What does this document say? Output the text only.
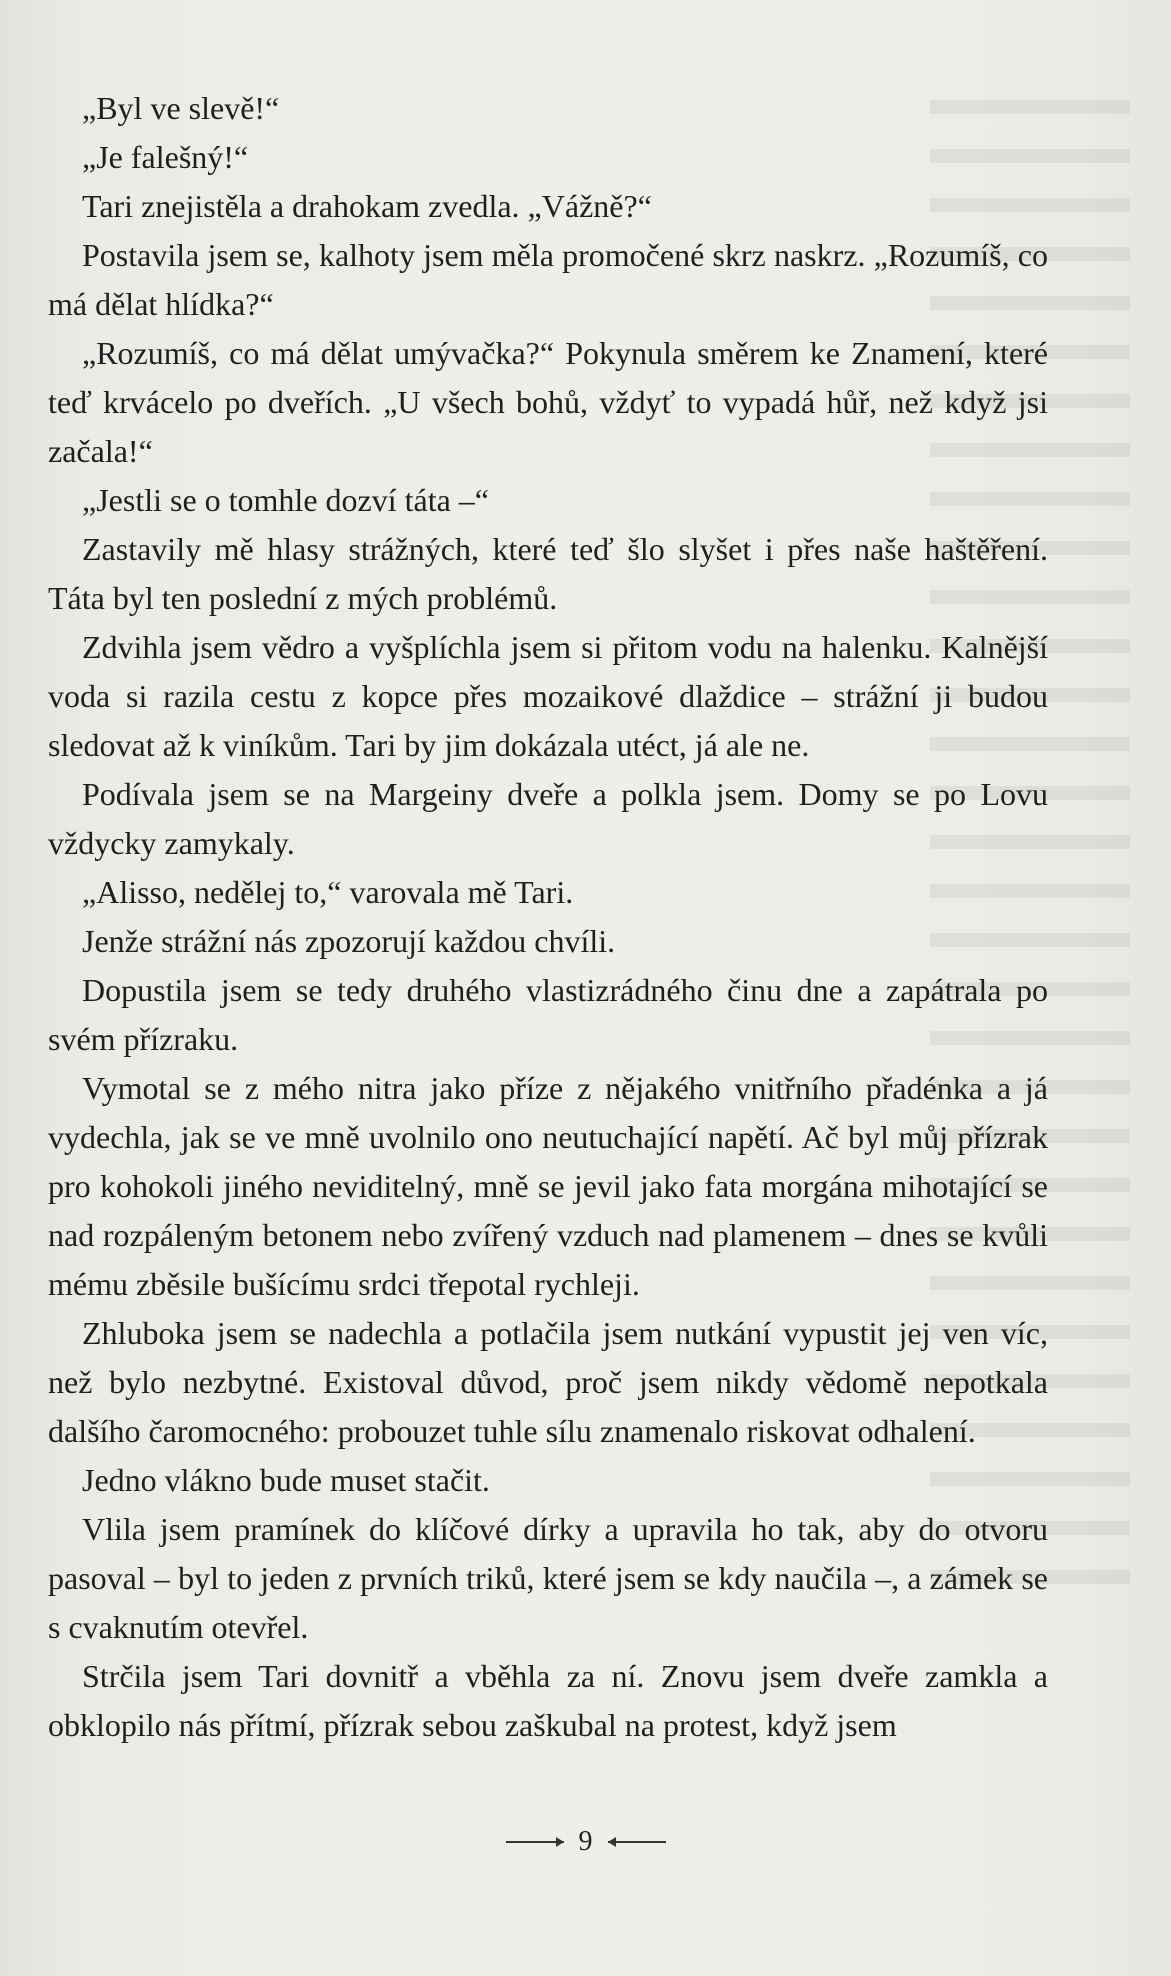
„Byl ve slevě!“

„Je falešný!“

Tari znejistěla a drahokam zvedla. „Vážně?“

Postavila jsem se, kalhoty jsem měla promočené skrz naskrz. „Rozumíš, co má dělat hlídka?“

„Rozumíš, co má dělat umývačka?“ Pokynula směrem ke Znamení, které teď krvácelo po dveřích. „U všech bohů, vždyť to vypadá hůř, než když jsi začala!“

„Jestli se o tomhle dozví táta –“

Zastavily mě hlasy strážných, které teď šlo slyšet i přes naše haštěření. Táta byl ten poslední z mých problémů.

Zdvihla jsem vědro a vyšplíchla jsem si přitom vodu na halenku. Kalnější voda si razila cestu z kopce přes mozaikové dlaždice – strážní ji budou sledovat až k viníkům. Tari by jim dokázala utéct, já ale ne.

Podívala jsem se na Margeiny dveře a polkla jsem. Domy se po Lovu vždycky zamykaly.

„Alisso, nedělej to,“ varovala mě Tari.

Jenže strážní nás zpozorují každou chvíli.

Dopustila jsem se tedy druhého vlastizrádného činu dne a zapátrala po svém přízraku.

Vymotal se z mého nitra jako příze z nějakého vnitřního přadénka a já vydechla, jak se ve mně uvolnilo ono neutuchající napětí. Ač byl můj přízrak pro kohokoli jiného neviditelný, mně se jevil jako fata morgána mihotající se nad rozpáleným betonem nebo zvířený vzduch nad plamenem – dnes se kvůli mému zběsile bušícímu srdci třepotal rychleji.

Zhluboka jsem se nadechla a potlačila jsem nutkání vypustit jej ven víc, než bylo nezbytné. Existoval důvod, proč jsem nikdy vědomě nepotkala dalšího čaromocného: probouzet tuhle sílu znamenalo riskovat odhalení.

Jedno vlákno bude muset stačit.

Vlila jsem pramínek do klíčové dírky a upravila ho tak, aby do otvoru pasoval – byl to jeden z prvních triků, které jsem se kdy naučila –, a zámek se s cvaknutím otevřel.

Strčila jsem Tari dovnitř a vběhla za ní. Znovu jsem dveře zamkla a obklopilo nás přítmí, přízrak sebou zaškubal na protest, když jsem

9
